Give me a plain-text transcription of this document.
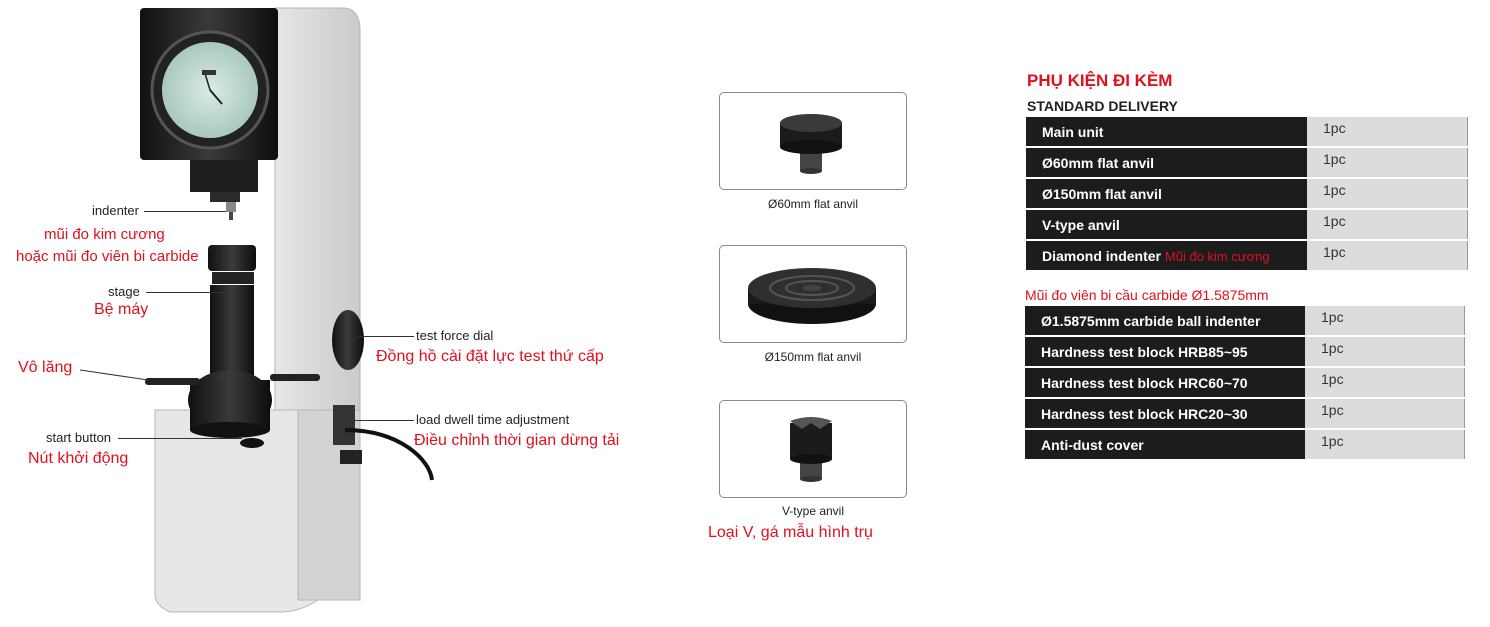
indenter
mũi đo kim cương
hoặc mũi đo viên bi carbide
stage
Bệ máy
Vô lăng
start button
Nút khởi động
test force dial
Đồng hồ cài đặt lực test thứ cấp
load dwell time adjustment
Điều chỉnh thời gian dừng tải
Ø60mm flat anvil
Ø150mm flat anvil
V-type anvil
Loại V, gá mẫu hình trụ
PHỤ KIỆN ĐI KÈM
STANDARD DELIVERY
Main unit	1pc
Ø60mm flat anvil	1pc
Ø150mm flat anvil	1pc
V-type anvil	1pc
Diamond indenter Mũi đo kim cương	1pc
Mũi đo viên bi cầu carbide Ø1.5875mm
Ø1.5875mm carbide ball indenter	1pc
Hardness test block HRB85~95	1pc
Hardness test block HRC60~70	1pc
Hardness test block HRC20~30	1pc
Anti-dust cover	1pc
